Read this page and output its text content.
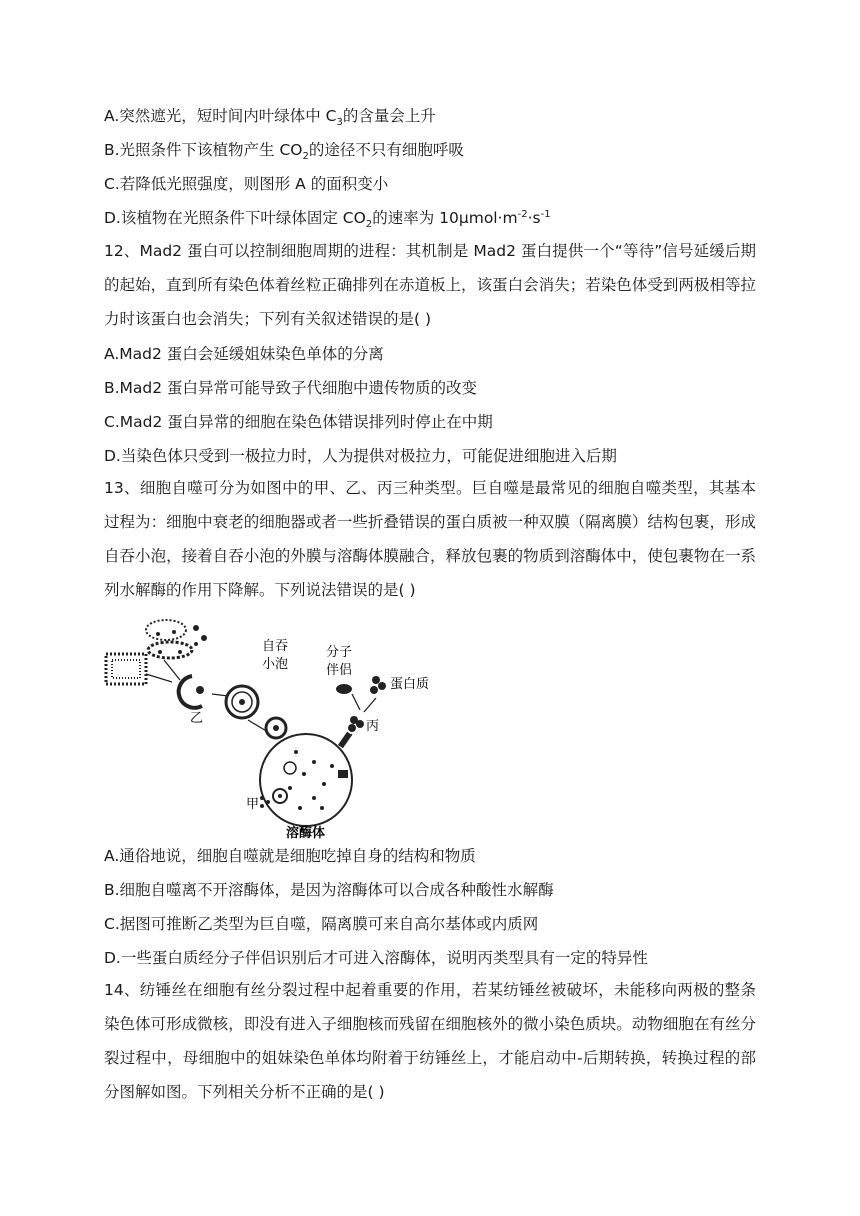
A.突然遮光，短时间内叶绿体中 $C_3$的含量会上升
B.光照条件下该植物产生 $CO_2$的途径不只有细胞呼吸
C.若降低光照强度，则图形 A 的面积变小
D.该植物在光照条件下叶绿体固定 $CO_2$的速率为 $10\mu mol\cdot m^{-2}\cdot s^{-1}$
12、Mad2 蛋白可以控制细胞周期的进程：其机制是 Mad2 蛋白提供一个“等待”信号延缓后期的起始，直到所有染色体着丝粒正确排列在赤道板上，该蛋白会消失；若染色体受到两极相等拉力时该蛋白也会消失；下列有关叙述错误的是( )
A.Mad2 蛋白会延缓姐妹染色单体的分离
B.Mad2 蛋白异常可能导致子代细胞中遗传物质的改变
C.Mad2 蛋白异常的细胞在染色体错误排列时停止在中期
D.当染色体只受到一极拉力时，人为提供对极拉力，可能促进细胞进入后期
13、细胞自噬可分为如图中的甲、乙、丙三种类型。巨自噬是最常见的细胞自噬类型，其基本过程为：细胞中衰老的细胞器或者一些折叠错误的蛋白质被一种双膜（隔离膜）结构包裹，形成自吞小泡，接着自吞小泡的外膜与溶酶体膜融合，释放包裹的物质到溶酶体中，使包裹物在一系列水解酶的作用下降解。下列说法错误的是( )
乙
自吞
小泡
分子
伴侣
蛋白质
丙
甲
溶酶体
A.通俗地说，细胞自噬就是细胞吃掉自身的结构和物质
B.细胞自噬离不开溶酶体，是因为溶酶体可以合成各种酸性水解酶
C.据图可推断乙类型为巨自噬，隔离膜可来自高尔基体或内质网
D.一些蛋白质经分子伴侣识别后才可进入溶酶体，说明丙类型具有一定的特异性
14、纺锤丝在细胞有丝分裂过程中起着重要的作用，若某纺锤丝被破坏，未能移向两极的整条染色体可形成微核，即没有进入子细胞核而残留在细胞核外的微小染色质块。动物细胞在有丝分裂过程中，母细胞中的姐妹染色单体均附着于纺锤丝上，才能启动中-后期转换，转换过程的部分图解如图。下列相关分析不正确的是( )
